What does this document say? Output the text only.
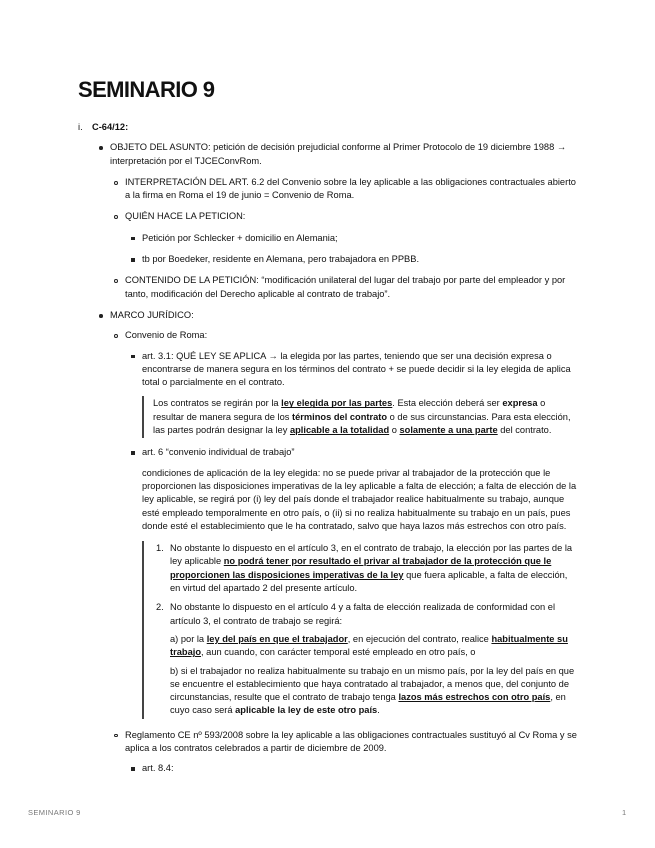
SEMINARIO 9
i. C-64/12:
OBJETO DEL ASUNTO: petición de decisión prejudicial conforme al Primer Protocolo de 19 diciembre 1988 → interpretación por el TJCEConvRom.
INTERPRETACIÓN DEL ART. 6.2 del Convenio sobre la ley aplicable a las obligaciones contractuales abierto a la firma en Roma el 19 de junio = Convenio de Roma.
QUIÉN HACE LA PETICION:
Petición por Schlecker + domicilio en Alemania;
tb por Boedeker, residente en Alemana, pero trabajadora en PPBB.
CONTENIDO DE LA PETICIÓN: “modificación unilateral del lugar del trabajo por parte del empleador y por tanto, modificación del Derecho aplicable al contrato de trabajo”.
MARCO JURÍDICO:
Convenio de Roma:
art. 3.1: QUÉ LEY SE APLICA → la elegida por las partes, teniendo que ser una decisión expresa o encontrarse de manera segura en los términos del contrato + se puede decidir si la ley elegida de aplica total o parcialmente en el contrato.
Los contratos se regirán por la ley elegida por las partes. Esta elección deberá ser expresa o resultar de manera segura de los términos del contrato o de sus circunstancias. Para esta elección, las partes podrán designar la ley aplicable a la totalidad o solamente a una parte del contrato.
art. 6 “convenio individual de trabajo”
condiciones de aplicación de la ley elegida: no se puede privar al trabajador de la protección que le proporcionen las disposiciones imperativas de la ley aplicable a falta de elección; a falta de elección de la ley aplicable, se regirá por (i) ley del país donde el trabajador realice habitualmente su trabajo, aunque esté empleado temporalmente en otro país, o (ii) si no realiza habitualmente su trabajo en un país, pues donde esté el establecimiento que le ha contratado, salvo que haya lazos más estrechos con otro país.
1. No obstante lo dispuesto en el artículo 3, en el contrato de trabajo, la elección por las partes de la ley aplicable no podrá tener por resultado el privar al trabajador de la protección que le proporcionen las disposiciones imperativas de la ley que fuera aplicable, a falta de elección, en virtud del apartado 2 del presente artículo.
2. No obstante lo dispuesto en el artículo 4 y a falta de elección realizada de conformidad con el artículo 3, el contrato de trabajo se regirá:
a) por la ley del país en que el trabajador, en ejecución del contrato, realice habitualmente su trabajo, aun cuando, con carácter temporal esté empleado en otro país, o
b) si el trabajador no realiza habitualmente su trabajo en un mismo país, por la ley del país en que se encuentre el establecimiento que haya contratado al trabajador, a menos que, del conjunto de circunstancias, resulte que el contrato de trabajo tenga lazos más estrechos con otro país, en cuyo caso será aplicable la ley de este otro país.
Reglamento CE nº 593/2008 sobre la ley aplicable a las obligaciones contractuales sustituyó al Cv Roma y se aplica a los contratos celebrados a partir de diciembre de 2009.
art. 8.4:
SEMINARIO 9	1
